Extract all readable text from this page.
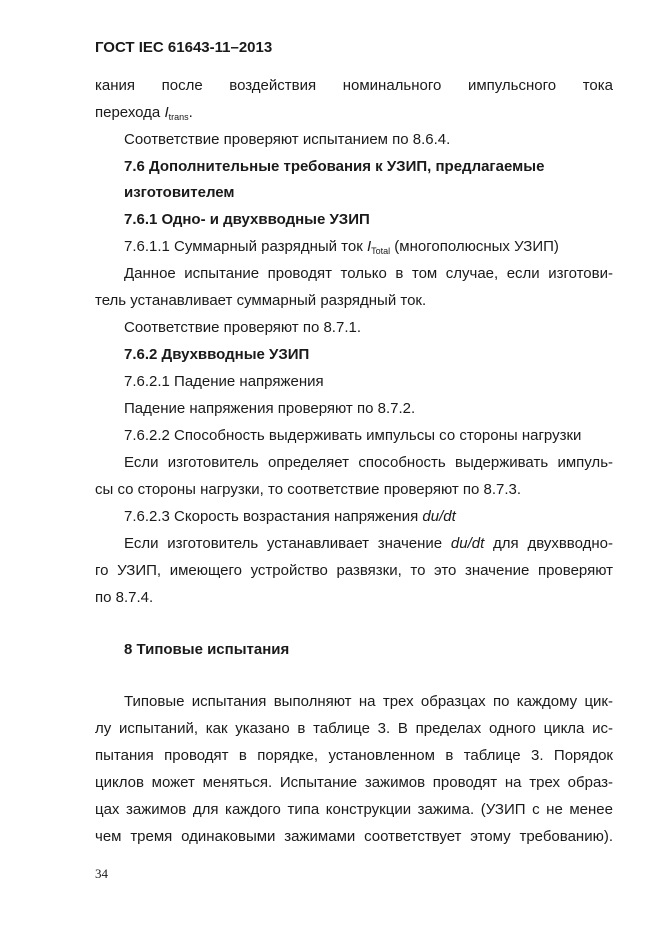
ГОСТ IEC 61643-11–2013
кания после воздействия номинального импульсного тока
перехода $I_{trans}$.
Соответствие проверяют испытанием по 8.6.4.
7.6 Дополнительные требования к УЗИП, предлагаемые
изготовителем
7.6.1 Одно- и двухвводные УЗИП
7.6.1.1 Суммарный разрядный ток $I_{Total}$ (многополюсных УЗИП)
Данное испытание проводят только в том случае, если изготови-
тель устанавливает суммарный разрядный ток.
Соответствие проверяют по 8.7.1.
7.6.2 Двухвводные УЗИП
7.6.2.1 Падение напряжения
Падение напряжения проверяют по 8.7.2.
7.6.2.2 Способность выдерживать импульсы со стороны нагрузки
Если изготовитель определяет способность выдерживать импуль-
сы со стороны нагрузки, то соответствие проверяют по 8.7.3.
7.6.2.3 Скорость возрастания напряжения du/dt
Если изготовитель устанавливает значение du/dt для двухвводно-
го УЗИП, имеющего устройство развязки, то это значение проверяют
по 8.7.4.
8 Типовые испытания
Типовые испытания выполняют на трех образцах по каждому цик-
лу испытаний, как указано в таблице 3. В пределах одного цикла ис-
пытания проводят в порядке, установленном в таблице 3. Порядок
циклов может меняться. Испытание зажимов проводят на трех образ-
цах зажимов для каждого типа конструкции зажима. (УЗИП с не менее
чем тремя одинаковыми зажимами соответствует этому требованию).
34
